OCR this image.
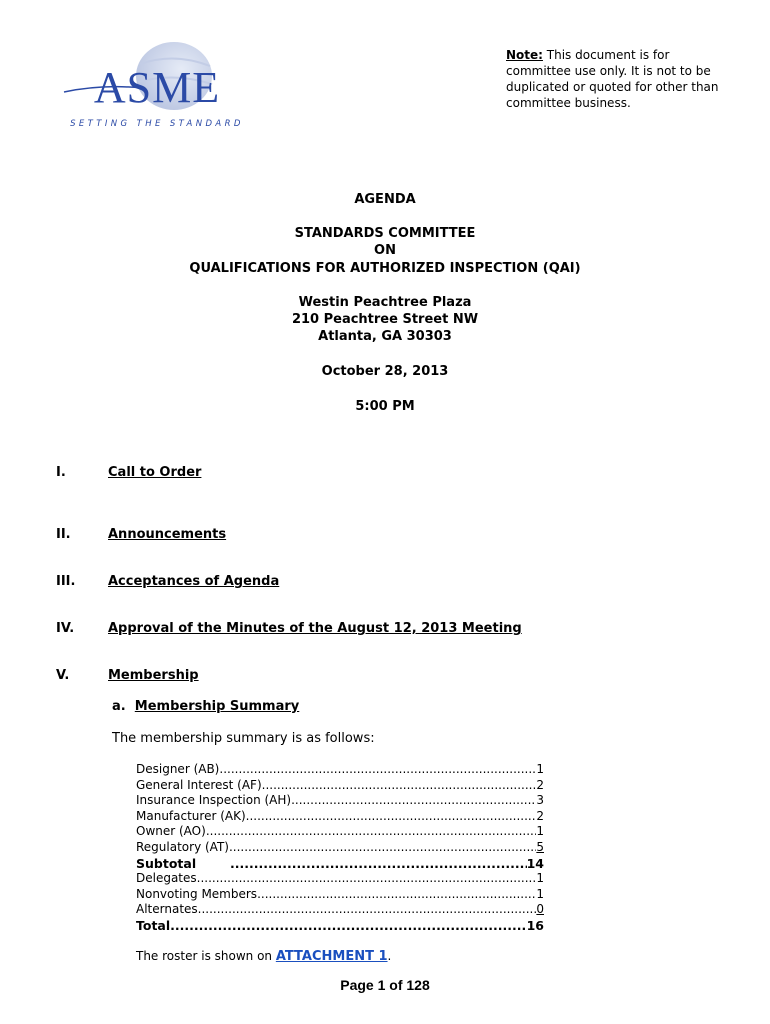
ASME
SETTING THE STANDARD
Note: This document is for committee use only. It is not to be duplicated or quoted for other than committee business.
AGENDA
STANDARDS COMMITTEE
ON
QUALIFICATIONS FOR AUTHORIZED INSPECTION (QAI)
Westin Peachtree Plaza
210 Peachtree Street NW
Atlanta, GA 30303
October 28, 2013
5:00 PM
I.	Call to Order
II.	Announcements
III.	Acceptances of Agenda
IV.	Approval of the Minutes of the August 12, 2013 Meeting
V.	Membership
a. Membership Summary
The membership summary is as follows:
Designer (AB) .....	1
General Interest (AF) .....	2
Insurance Inspection (AH) .....	3
Manufacturer (AK) .....	2
Owner (AO) .....	1
Regulatory (AT) .....	5
Subtotal .....	14
Delegates .....	1
Nonvoting Members .....	1
Alternates .....	0
Total .....	16
The roster is shown on ATTACHMENT 1.
Page 1 of 128
